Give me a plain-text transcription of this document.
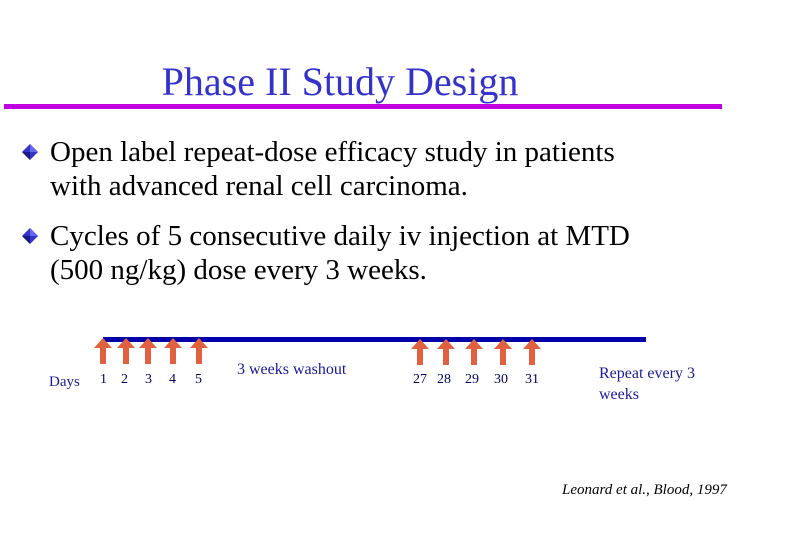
Phase II Study Design
Open label repeat-dose efficacy study in patients
with advanced renal cell carcinoma.
Cycles of 5 consecutive daily iv injection at MTD
(500 ng/kg) dose every 3 weeks.
Days 1 2 3 4 5
3 weeks washout
27 28 29 30 31	Repeat every 3 weeks
Leonard et al., Blood, 1997
